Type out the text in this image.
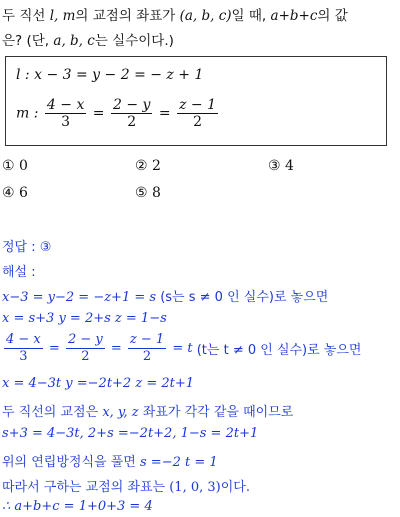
두 직선 l, m의 교점의 좌표가 (a, b, c)일 때, a+b+c의 값
은? (단, a, b, c는 실수이다.)
l : x − 3 = y − 2 = − z + 1
m : $\frac{4 - x}{3} = \frac{2 - y}{2} = \frac{z - 1}{2}$
① 0	② 2	③ 4
④ 6	⑤ 8
정답 : ③
해설 :
x−3 = y−2 = −z+1 = s (s는 s ≠ 0 인 실수)로 놓으면
x = s+3 y = 2+s z = 1−s
$\frac{4 - x}{3} = \frac{2 - y}{2} = \frac{z - 1}{2} = t$ (t는 t ≠ 0 인 실수)로 놓으면
x = 4−3t y =−2t+2 z = 2t+1
두 직선의 교점은 x, y, z 좌표가 각각 같을 때이므로
s+3 = 4−3t, 2+s =−2t+2, 1−s = 2t+1
위의 연립방정식을 풀면 s =−2 t = 1
따라서 구하는 교점의 좌표는 (1, 0, 3)이다.
∴ a+b+c = 1+0+3 = 4
